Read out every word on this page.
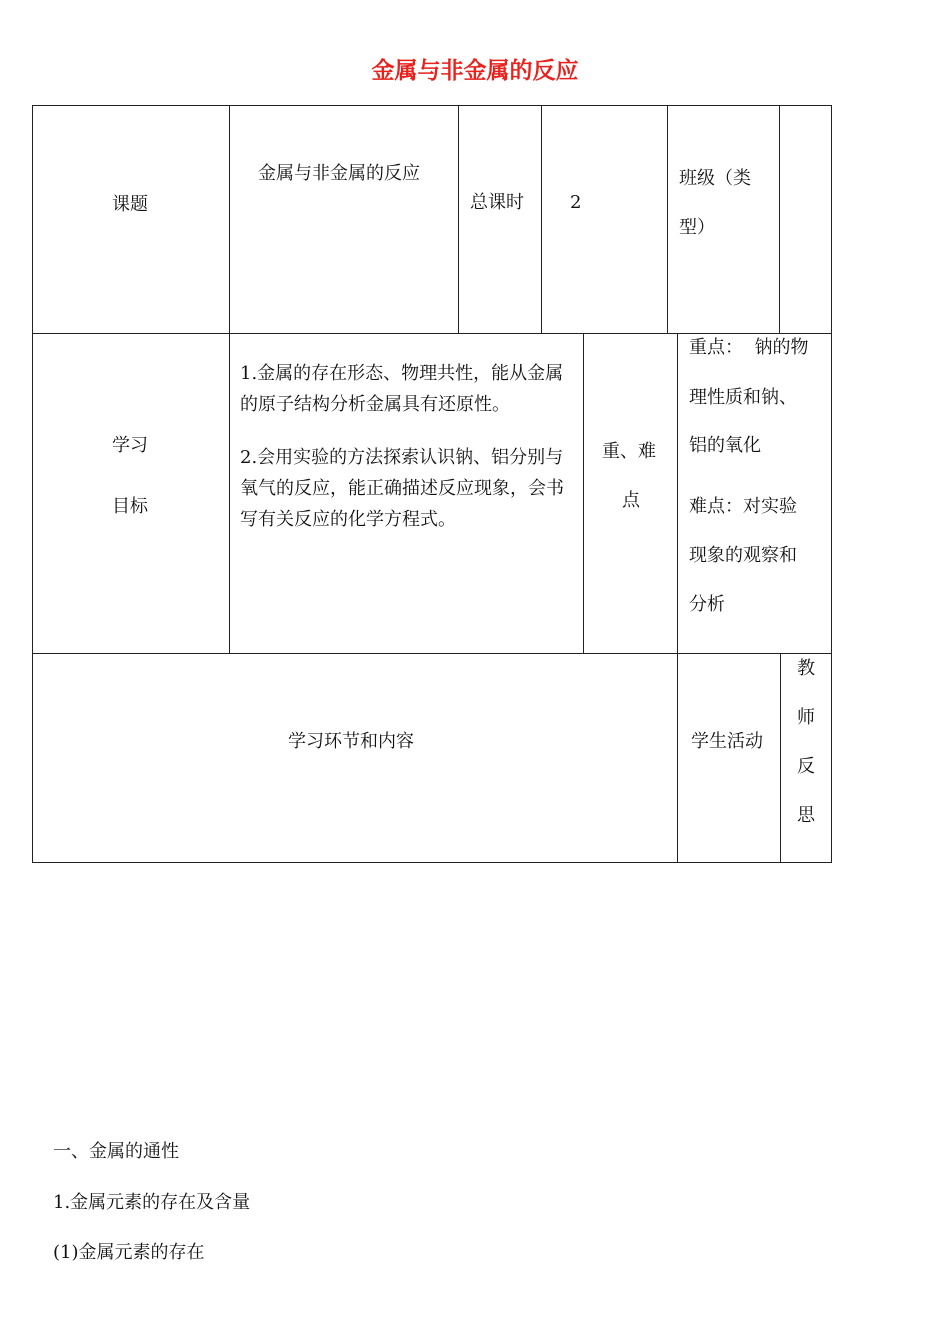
金属与非金属的反应
课题
金属与非金属的反应
总课时	2
班级（类
型）
学习
目标
1.金属的存在形态、物理共性，能从金属的原子结构分析金属具有还原性。
2.会用实验的方法探索认识钠、铝分别与氧气的反应，能正确描述反应现象，会书写有关反应的化学方程式。
重、难
点
重点：  钠的物
理性质和钠、
铝的氧化
难点：对实验
现象的观察和
分析
学习环节和内容	学生活动
教
师
反
思
一、金属的通性
1.金属元素的存在及含量
(1)金属元素的存在
